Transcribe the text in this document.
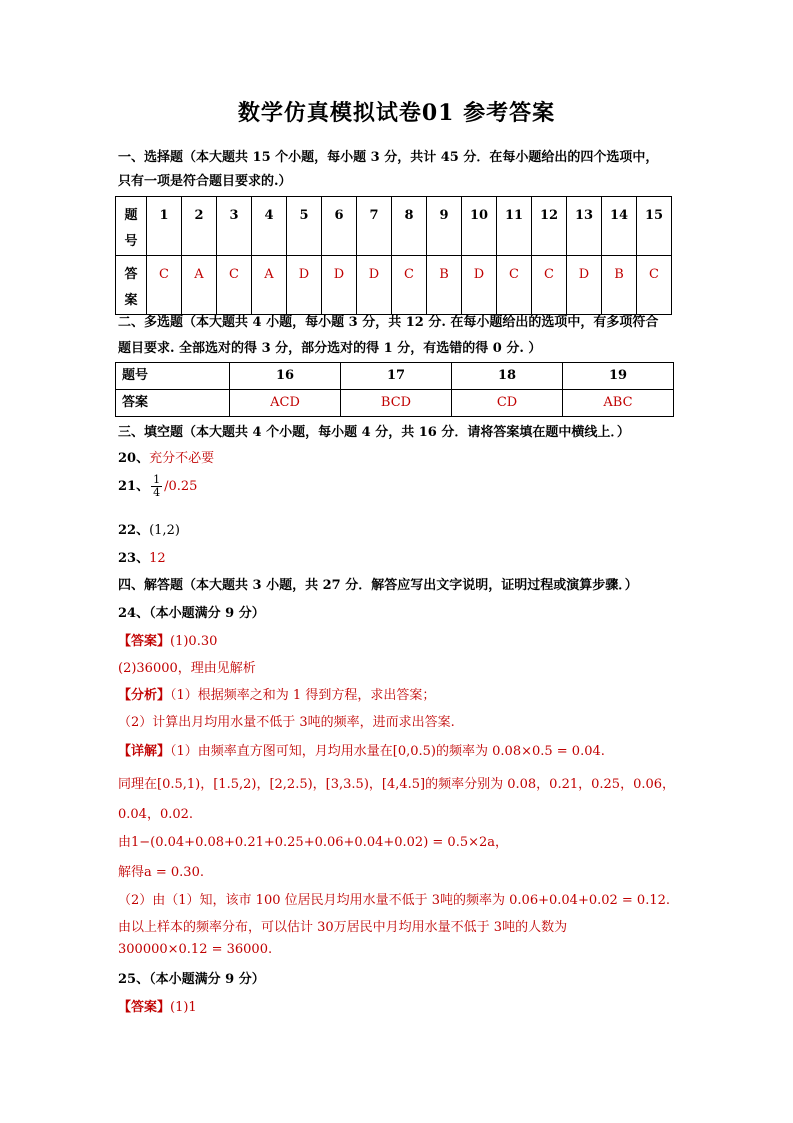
数学仿真模拟试卷01 参考答案
一、选择题（本大题共 15 个小题，每小题 3 分，共计 45 分．在每小题给出的四个选项中，
只有一项是符合题目要求的.）
题
号	1	2	3	4	5	6	7	8	9	10	11	12	13	14	15

答
案	C	A	C	A	D	D	D	C	B	D	C	C	D	B	C
二、多选题（本大题共 4 小题，每小题 3 分，共 12 分. 在每小题给出的选项中，有多项符合
题目要求. 全部选对的得 3 分，部分选对的得 1 分，有选错的得 0 分. ）
题号	16	17	18	19
答案	ACD	BCD	CD	ABC
三、填空题（本大题共 4 个小题，每小题 4 分，共 16 分．请将答案填在题中横线上．）
20、充分不必要
21、 $\frac{1}{4} /0.25$
22、(1,2)
23、12
四、解答题（本大题共 3 小题，共 27 分．解答应写出文字说明，证明过程或演算步骤．）
24、（本小题满分 9 分）
【答案】(1)0.30
(2)36000，理由见解析
【分析】（1）根据频率之和为 1 得到方程，求出答案；
（2）计算出月均用水量不低于 3吨的频率，进而求出答案.
【详解】（1）由频率直方图可知，月均用水量在[0,0.5)的频率为 0.08×0.5 = 0.04.
同理在[0.5,1)，[1.5,2)，[2,2.5)，[3,3.5)，[4,4.5]的频率分别为 0.08，0.21，0.25，0.06，
0.04，0.02.
由1−(0.04+0.08+0.21+0.25+0.06+0.04+0.02) = 0.5×2a，
解得a = 0.30.
（2）由（1）知，该市 100 位居民月均用水量不低于 3吨的频率为 0.06+0.04+0.02 = 0.12.
由以上样本的频率分布，可以估计 30万居民中月均用水量不低于 3吨的人数为
300000×0.12 = 36000.
25、（本小题满分 9 分）
【答案】(1)1
